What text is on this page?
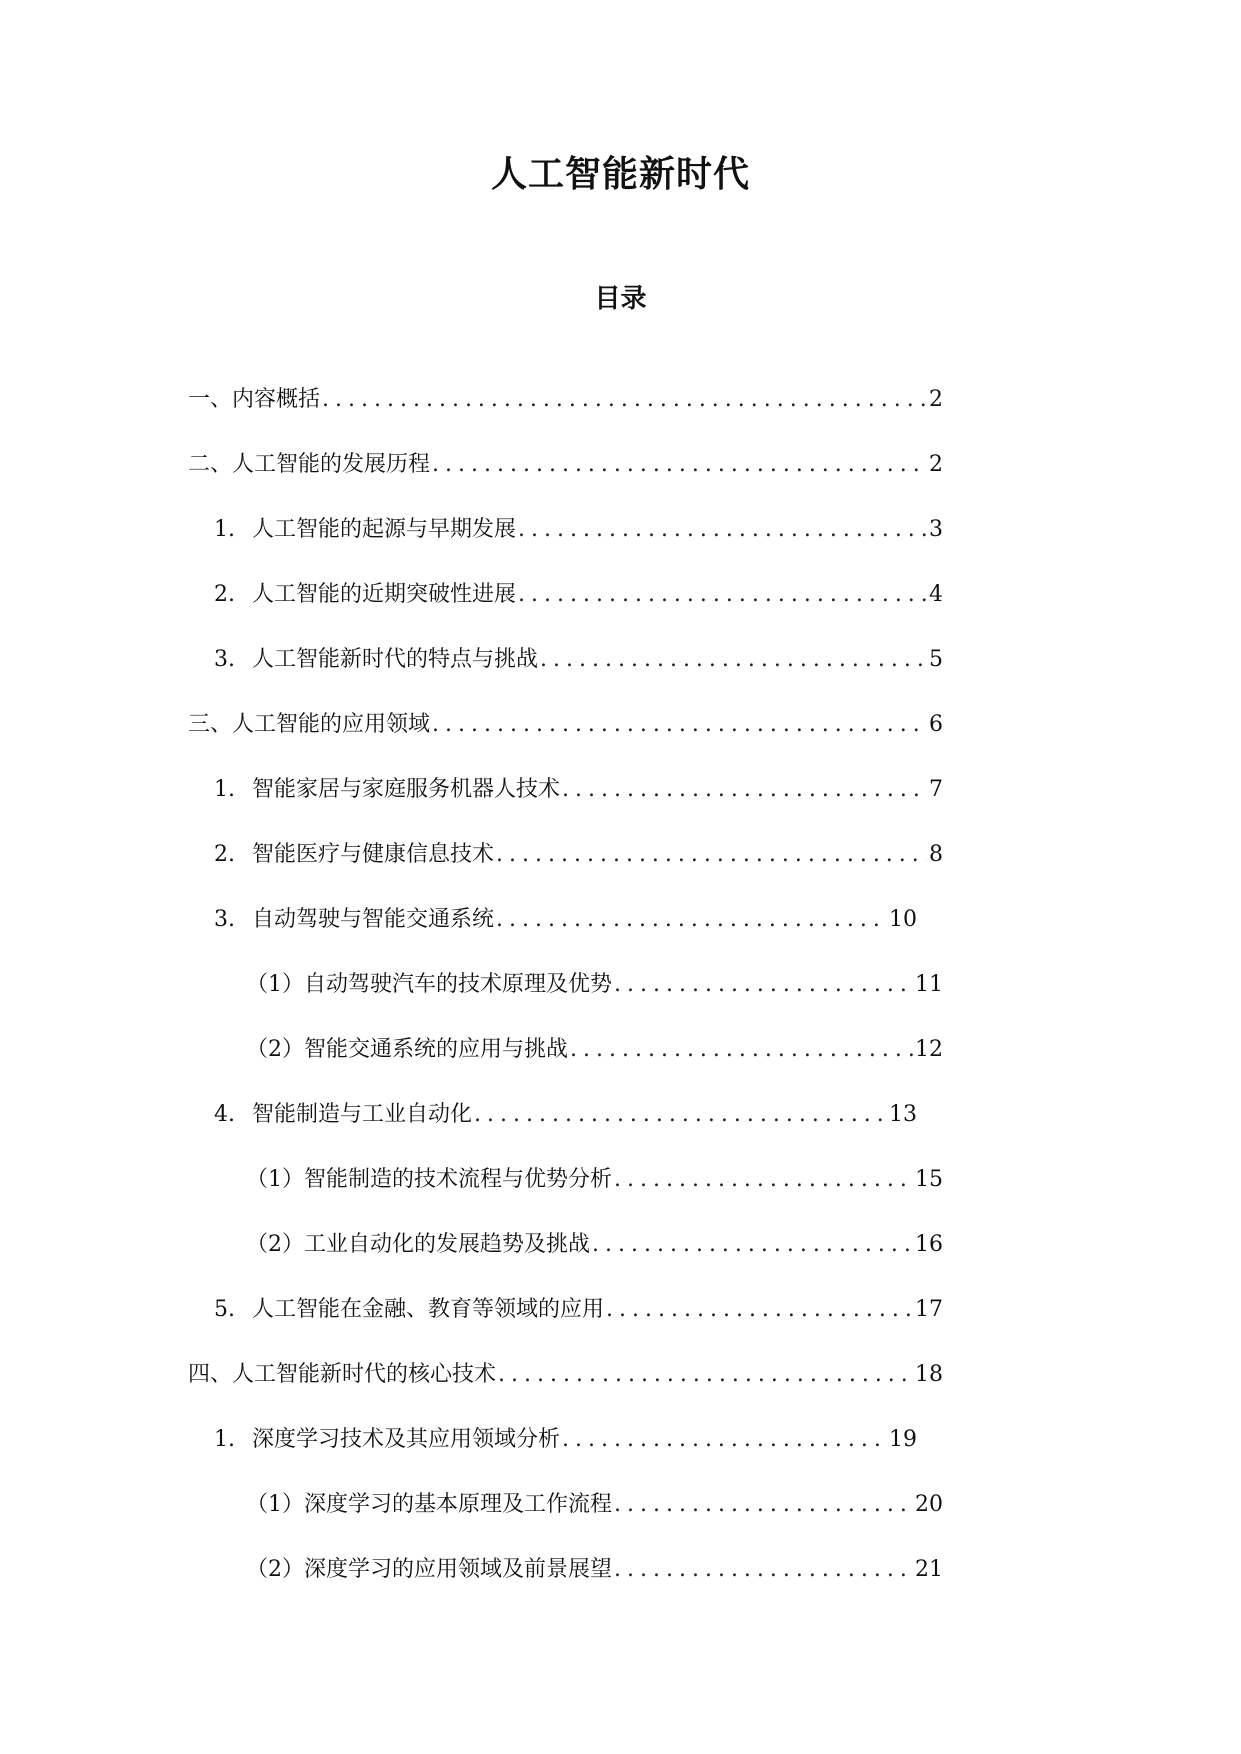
人工智能新时代
目录
一、内容概括 .....	2
二、人工智能的发展历程 .....	2
1. 人工智能的起源与早期发展 .....	3
2. 人工智能的近期突破性进展 .....	4
3. 人工智能新时代的特点与挑战 .....	5
三、人工智能的应用领域 .....	6
1. 智能家居与家庭服务机器人技术 .....	7
2. 智能医疗与健康信息技术 .....	8
3. 自动驾驶与智能交通系统 .....	10
（1）自动驾驶汽车的技术原理及优势 .....	11
（2）智能交通系统的应用与挑战 .....	12
4. 智能制造与工业自动化 .....	13
（1）智能制造的技术流程与优势分析 .....	15
（2）工业自动化的发展趋势及挑战 .....	16
5. 人工智能在金融、教育等领域的应用 .....	17
四、人工智能新时代的核心技术 .....	18
1. 深度学习技术及其应用领域分析 .....	19
（1）深度学习的基本原理及工作流程 .....	20
（2）深度学习的应用领域及前景展望 .....	21
